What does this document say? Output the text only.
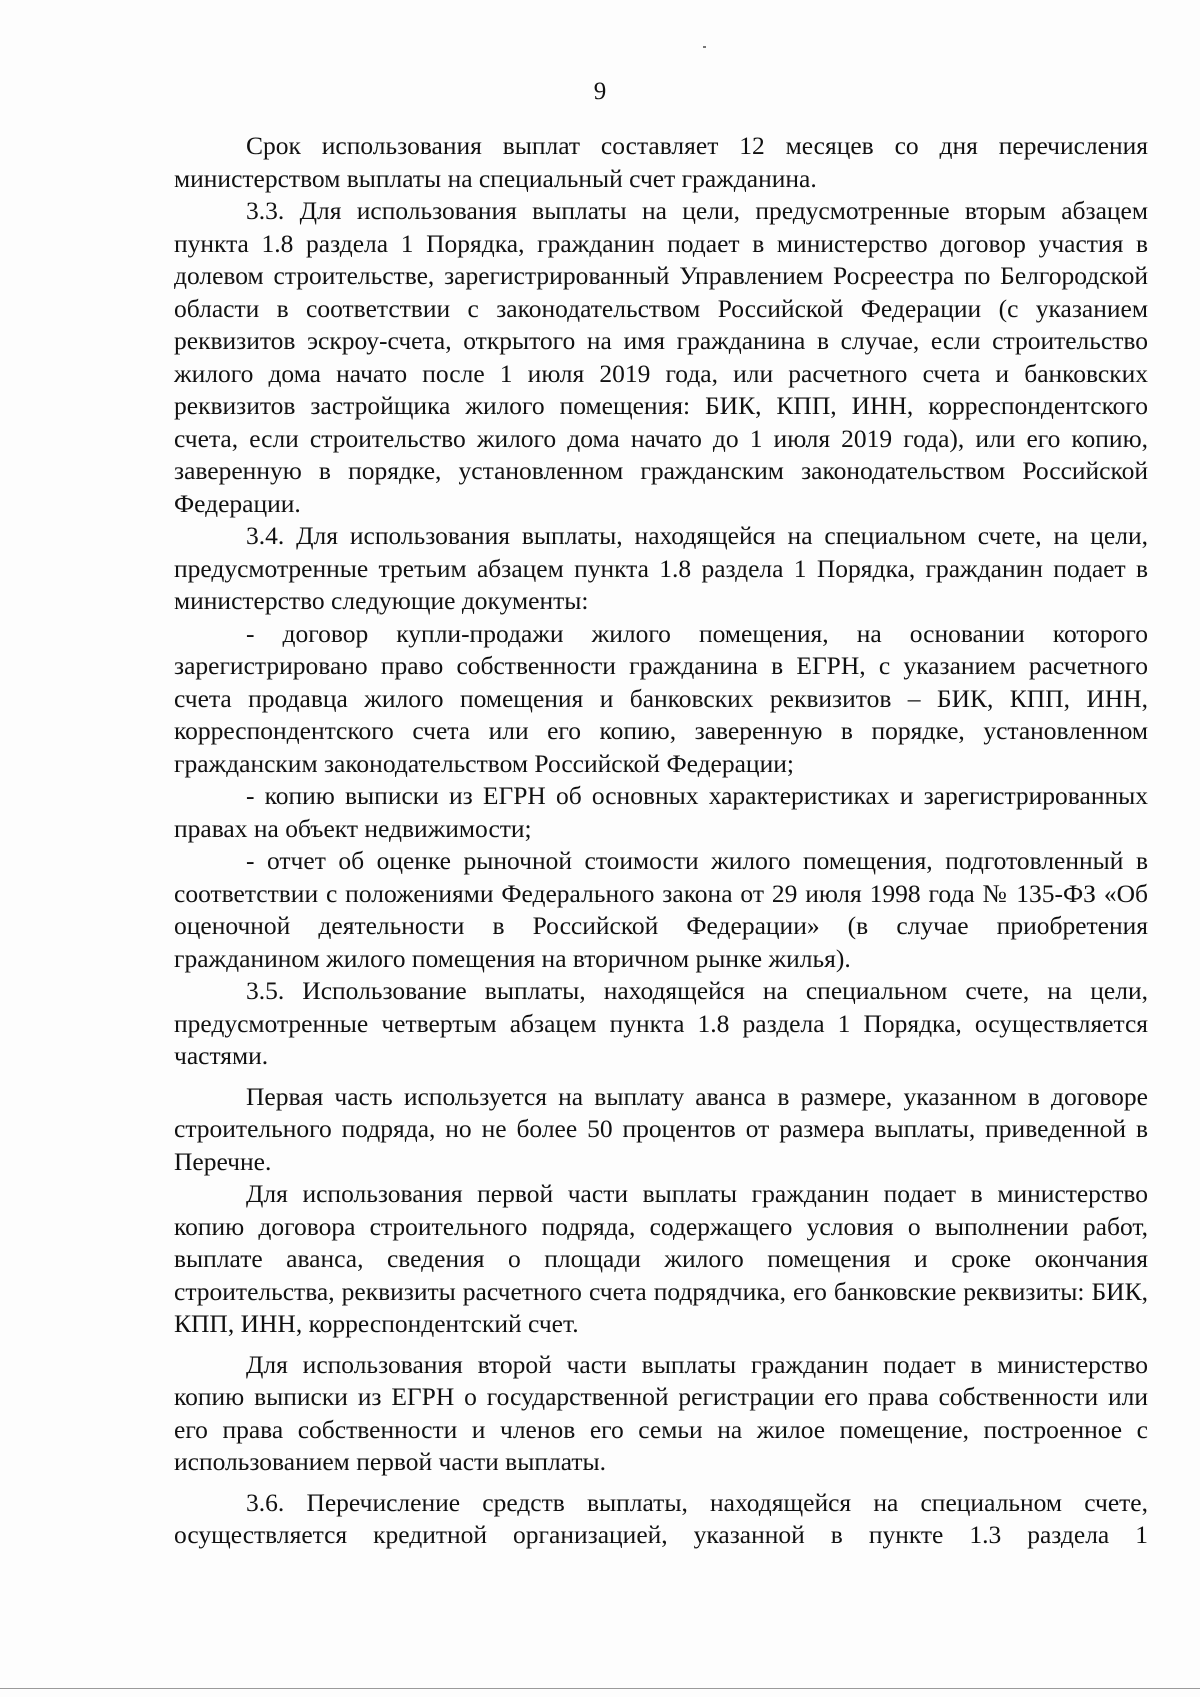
9

Срок использования выплат составляет 12 месяцев со дня перечисления министерством выплаты на специальный счет гражданина.

3.3. Для использования выплаты на цели, предусмотренные вторым абзацем пункта 1.8 раздела 1 Порядка, гражданин подает в министерство договор участия в долевом строительстве, зарегистрированный Управлением Росреестра по Белгородской области в соответствии с законодательством Российской Федерации (с указанием реквизитов эскроу-счета, открытого на имя гражданина в случае, если строительство жилого дома начато после 1 июля 2019 года, или расчетного счета и банковских реквизитов застройщика жилого помещения: БИК, КПП, ИНН, корреспондентского счета, если строительство жилого дома начато до 1 июля 2019 года), или его копию, заверенную в порядке, установленном гражданским законодательством Российской Федерации.

3.4. Для использования выплаты, находящейся на специальном счете, на цели, предусмотренные третьим абзацем пункта 1.8 раздела 1 Порядка, гражданин подает в министерство следующие документы:

- договор купли-продажи жилого помещения, на основании которого зарегистрировано право собственности гражданина в ЕГРН, с указанием расчетного счета продавца жилого помещения и банковских реквизитов – БИК, КПП, ИНН, корреспондентского счета или его копию, заверенную в порядке, установленном гражданским законодательством Российской Федерации;

- копию выписки из ЕГРН об основных характеристиках и зарегистрированных правах на объект недвижимости;

- отчет об оценке рыночной стоимости жилого помещения, подготовленный в соответствии с положениями Федерального закона от 29 июля 1998 года № 135-ФЗ «Об оценочной деятельности в Российской Федерации» (в случае приобретения гражданином жилого помещения на вторичном рынке жилья).

3.5. Использование выплаты, находящейся на специальном счете, на цели, предусмотренные четвертым абзацем пункта 1.8 раздела 1 Порядка, осуществляется частями.

Первая часть используется на выплату аванса в размере, указанном в договоре строительного подряда, но не более 50 процентов от размера выплаты, приведенной в Перечне.

Для использования первой части выплаты гражданин подает в министерство копию договора строительного подряда, содержащего условия о выполнении работ, выплате аванса, сведения о площади жилого помещения и сроке окончания строительства, реквизиты расчетного счета подрядчика, его банковские реквизиты: БИК, КПП, ИНН, корреспондентский счет.

Для использования второй части выплаты гражданин подает в министерство копию выписки из ЕГРН о государственной регистрации его права собственности или его права собственности и членов его семьи на жилое помещение, построенное с использованием первой части выплаты.

3.6. Перечисление средств выплаты, находящейся на специальном счете, осуществляется кредитной организацией, указанной в пункте 1.3 раздела 1
